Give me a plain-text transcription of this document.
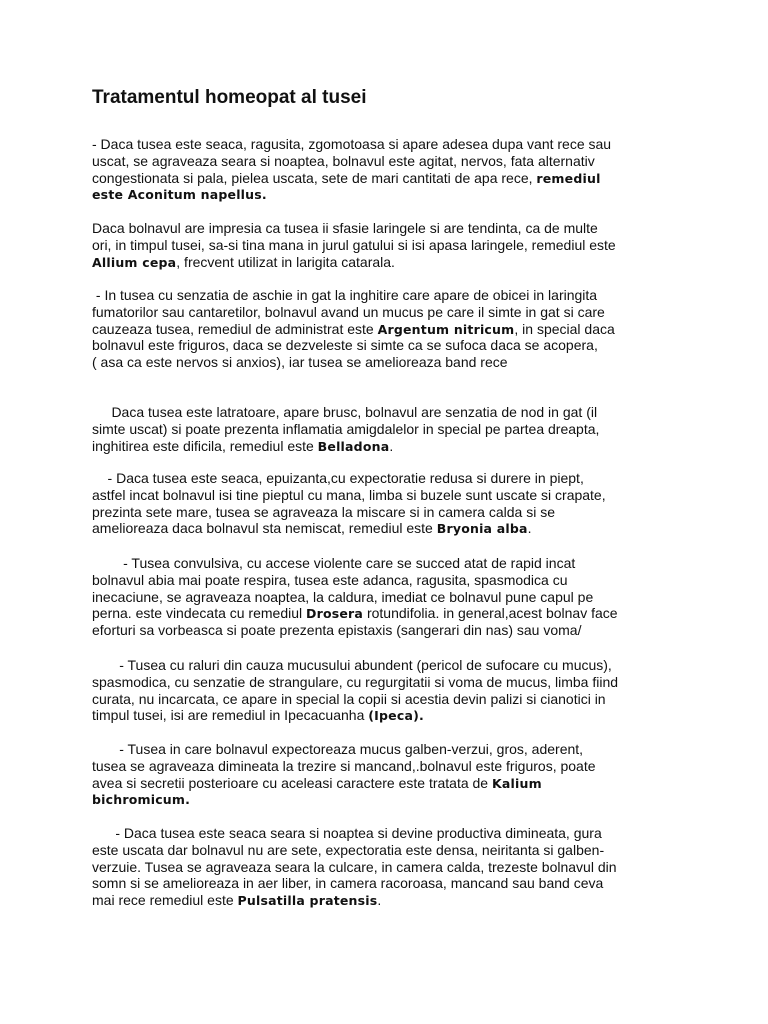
Tratamentul homeopat al tusei
- Daca tusea este seaca, ragusita, zgomotoasa si apare adesea dupa vant rece sau
uscat, se agraveaza seara si noaptea, bolnavul este agitat, nervos, fata alternativ
congestionata si pala, pielea uscata, sete de mari cantitati de apa rece, remediul
este Aconitum napellus.
Daca bolnavul are impresia ca tusea ii sfasie laringele si are tendinta, ca de multe
ori, in timpul tusei, sa-si tina mana in jurul gatului si isi apasa laringele, remediul este
Allium cepa, frecvent utilizat in larigita catarala.
- In tusea cu senzatia de aschie in gat la inghitire care apare de obicei in laringita
fumatorilor sau cantaretilor, bolnavul avand un mucus pe care il simte in gat si care
cauzeaza tusea, remediul de administrat este Argentum nitricum, in special daca
bolnavul este friguros, daca se dezveleste si simte ca se sufoca daca se acopera,
( asa ca este nervos si anxios), iar tusea se amelioreaza band rece
Daca tusea este latratoare, apare brusc, bolnavul are senzatia de nod in gat (il
simte uscat) si poate prezenta inflamatia amigdalelor in special pe partea dreapta,
inghitirea este dificila, remediul este Belladona.
- Daca tusea este seaca, epuizanta,cu expectoratie redusa si durere in piept,
astfel incat bolnavul isi tine pieptul cu mana, limba si buzele sunt uscate si crapate,
prezinta sete mare, tusea se agraveaza la miscare si in camera calda si se
amelioreaza daca bolnavul sta nemiscat, remediul este Bryonia alba.
- Tusea convulsiva, cu accese violente care se succed atat de rapid incat
bolnavul abia mai poate respira, tusea este adanca, ragusita, spasmodica cu
inecaciune, se agraveaza noaptea, la caldura, imediat ce bolnavul pune capul pe
perna. este vindecata cu remediul Drosera rotundifolia. in general,acest bolnav face
eforturi sa vorbeasca si poate prezenta epistaxis (sangerari din nas) sau voma/
- Tusea cu raluri din cauza mucusului abundent (pericol de sufocare cu mucus),
spasmodica, cu senzatie de strangulare, cu regurgitatii si voma de mucus, limba fiind
curata, nu incarcata, ce apare in special la copii si acestia devin palizi si cianotici in
timpul tusei, isi are remediul in Ipecacuanha (Ipeca).
- Tusea in care bolnavul expectoreaza mucus galben-verzui, gros, aderent,
tusea se agraveaza dimineata la trezire si mancand,.bolnavul este friguros, poate
avea si secretii posterioare cu aceleasi caractere este tratata de Kalium
bichromicum.
- Daca tusea este seaca seara si noaptea si devine productiva dimineata, gura
este uscata dar bolnavul nu are sete, expectoratia este densa, neiritanta si galben-
verzuie. Tusea se agraveaza seara la culcare, in camera calda, trezeste bolnavul din
somn si se amelioreaza in aer liber, in camera racoroasa, mancand sau band ceva
mai rece remediul este Pulsatilla pratensis.
